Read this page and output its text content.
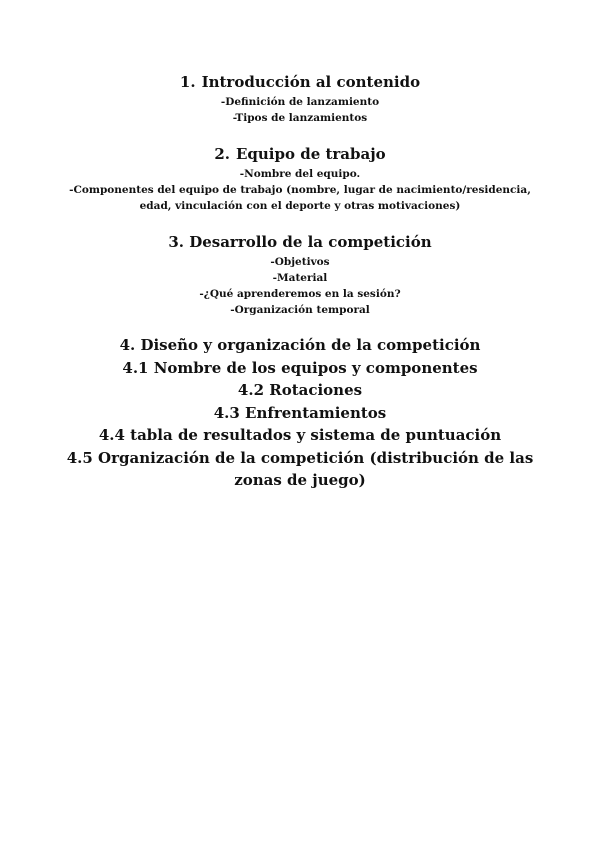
1. Introducción al contenido

-Definición de lanzamiento

-Tipos de lanzamientos

2. Equipo de trabajo

-Nombre del equipo.

-Componentes del equipo de trabajo (nombre, lugar de nacimiento/residencia, edad, vinculación con el deporte y otras motivaciones)

3. Desarrollo de la competición

-Objetivos

-Material

-¿Qué aprenderemos en la sesión?

-Organización temporal

4. Diseño y organización de la competición

4.1 Nombre de los equipos y componentes

4.2 Rotaciones

4.3 Enfrentamientos

4.4 tabla de resultados y sistema de puntuación

4.5 Organización de la competición (distribución de las zonas de juego)
